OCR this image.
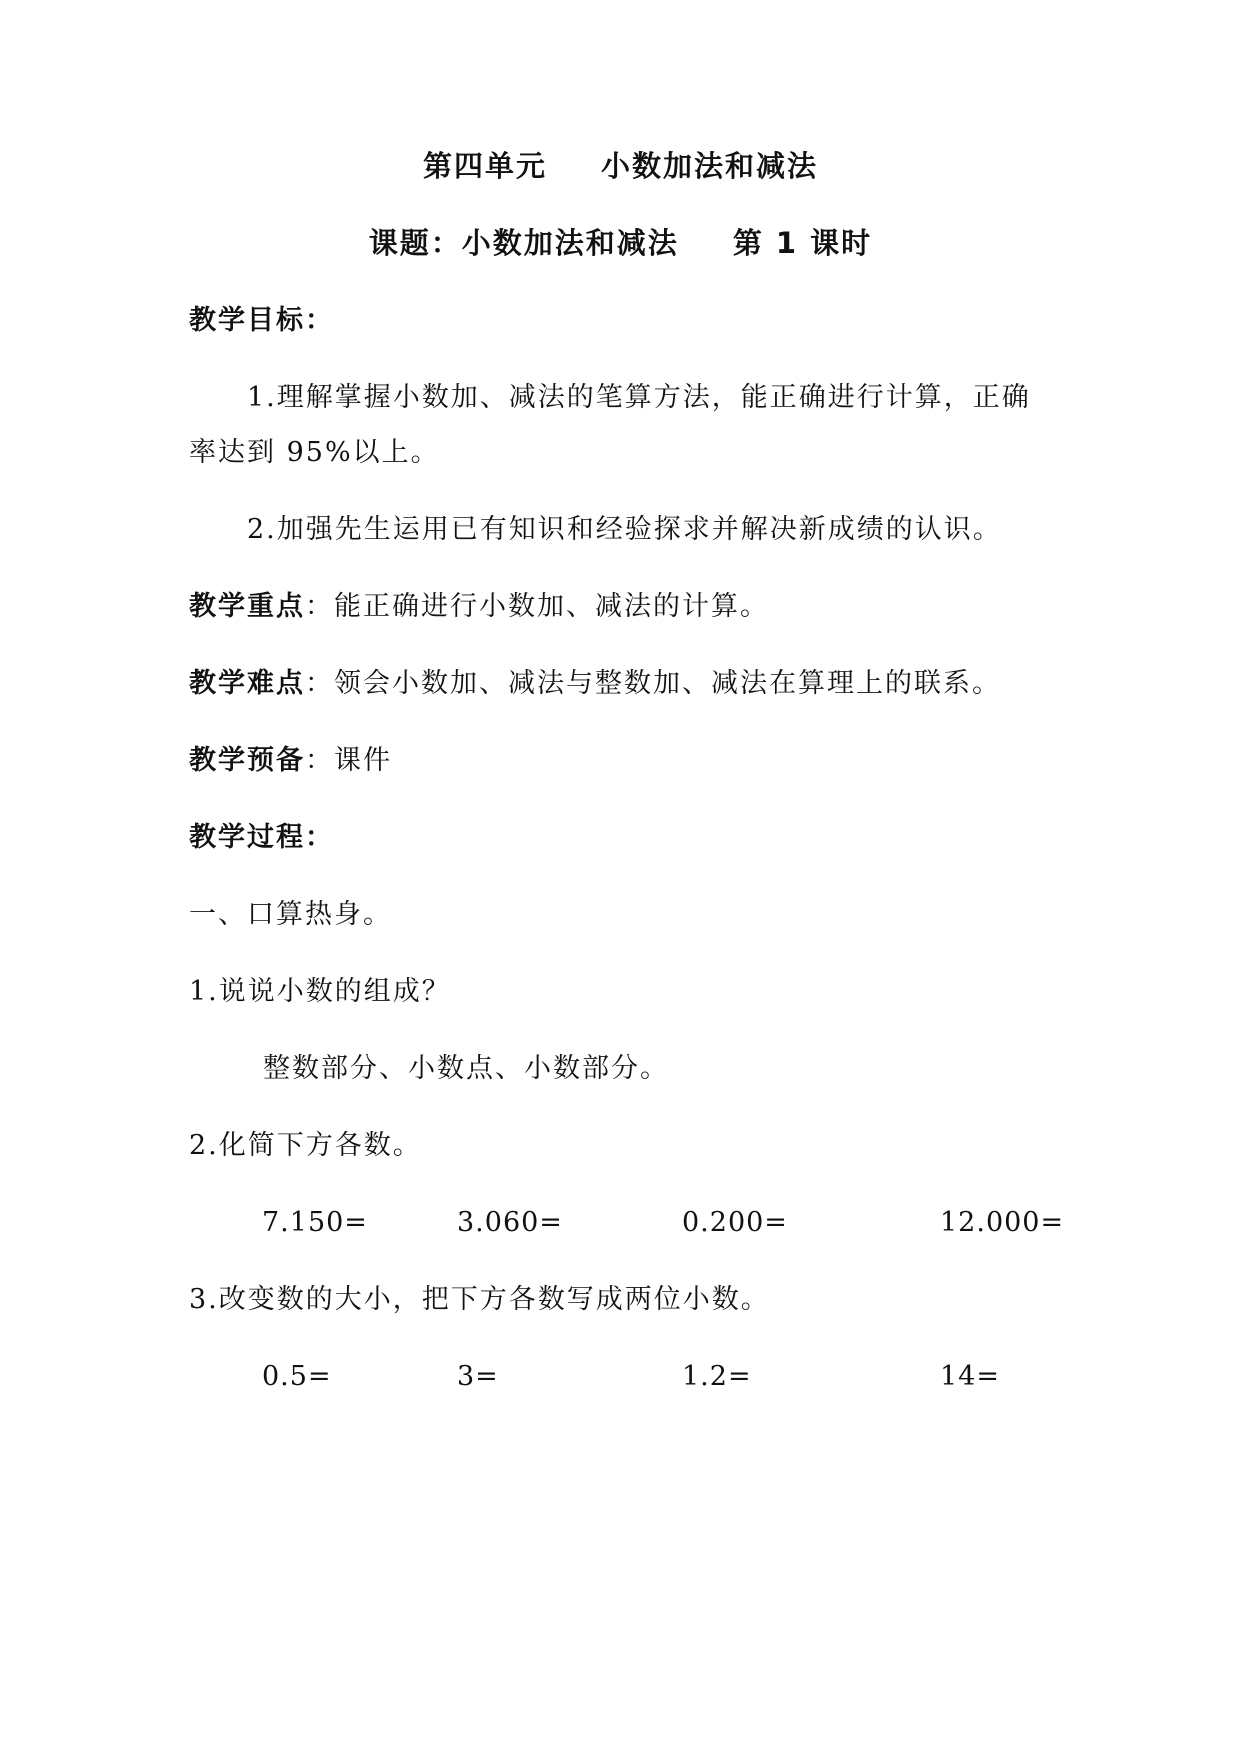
第四单元 小数加法和减法
课题：小数加法和减法 第 1 课时
教学目标：
1.理解掌握小数加、减法的笔算方法，能正确进行计算，正确
率达到 95%以上。
2.加强先生运用已有知识和经验探求并解决新成绩的认识。
教学重点：能正确进行小数加、减法的计算。
教学难点：领会小数加、减法与整数加、减法在算理上的联系。
教学预备：课件
教学过程：
一、口算热身。
1.说说小数的组成？
整数部分、小数点、小数部分。
2.化简下方各数。
7.150=	3.060=	0.200=	12.000=
3.改变数的大小，把下方各数写成两位小数。
0.5=	3=	1.2=	14=
